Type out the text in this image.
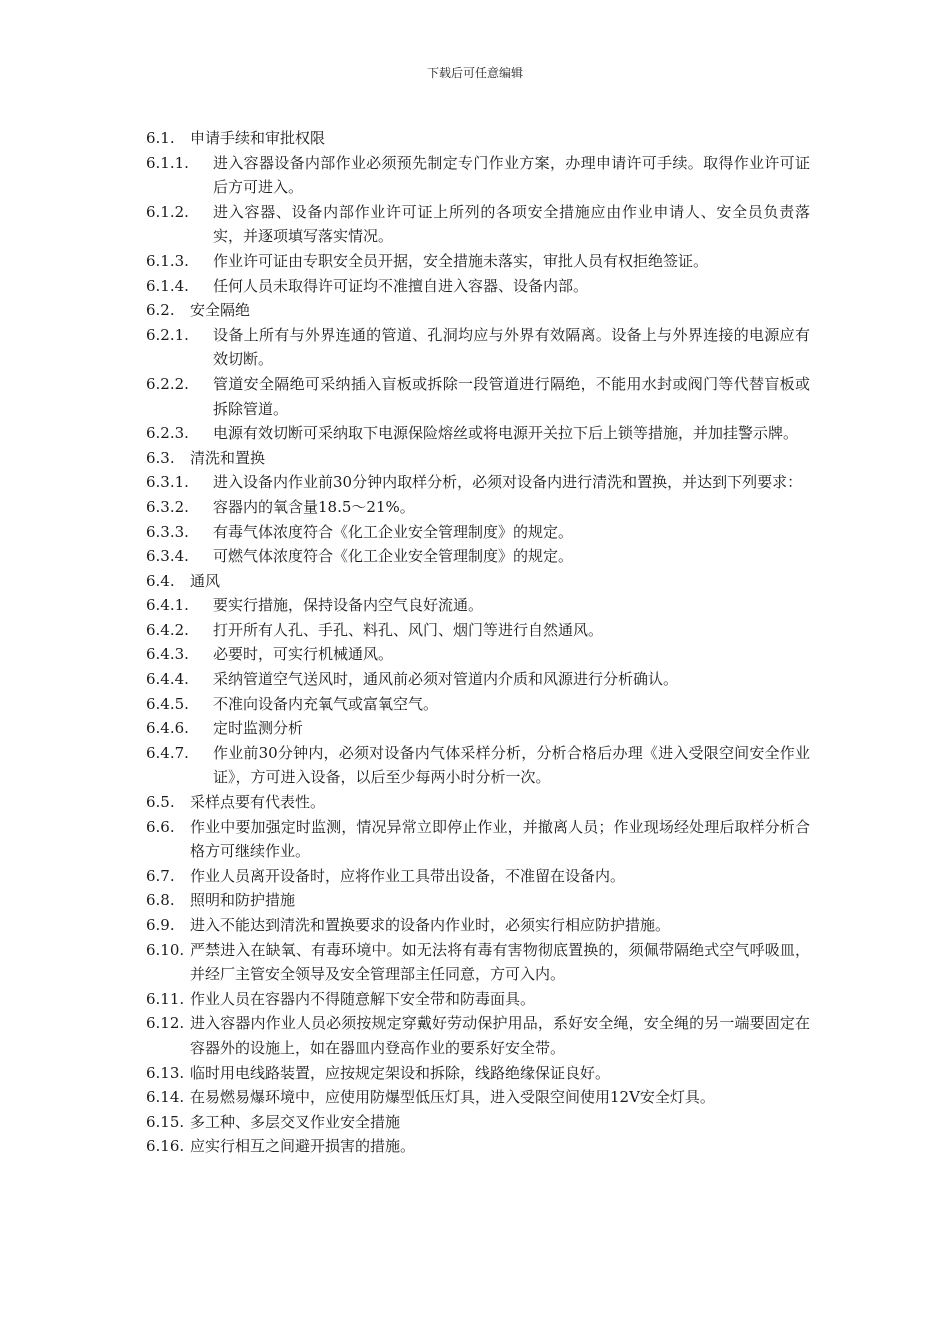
下载后可任意编辑
6.1.	申请手续和审批权限
6.1.1.	进入容器设备内部作业必须预先制定专门作业方案，办理申请许可手续。取得作业许可证后方可进入。
6.1.2.	进入容器、设备内部作业许可证上所列的各项安全措施应由作业申请人、安全员负责落实，并逐项填写落实情况。
6.1.3.	作业许可证由专职安全员开据，安全措施未落实，审批人员有权拒绝签证。
6.1.4.	任何人员未取得许可证均不准擅自进入容器、设备内部。
6.2.	安全隔绝
6.2.1.	设备上所有与外界连通的管道、孔洞均应与外界有效隔离。设备上与外界连接的电源应有效切断。
6.2.2.	管道安全隔绝可采纳插入盲板或拆除一段管道进行隔绝，不能用水封或阀门等代替盲板或拆除管道。
6.2.3.	电源有效切断可采纳取下电源保险熔丝或将电源开关拉下后上锁等措施，并加挂警示牌。
6.3.	清洗和置换
6.3.1.	进入设备内作业前30分钟内取样分析，必须对设备内进行清洗和置换，并达到下列要求：
6.3.2.	容器内的氧含量18.5～21%。
6.3.3.	有毒气体浓度符合《化工企业安全管理制度》的规定。
6.3.4.	可燃气体浓度符合《化工企业安全管理制度》的规定。
6.4.	通风
6.4.1.	要实行措施，保持设备内空气良好流通。
6.4.2.	打开所有人孔、手孔、料孔、风门、烟门等进行自然通风。
6.4.3.	必要时，可实行机械通风。
6.4.4.	采纳管道空气送风时，通风前必须对管道内介质和风源进行分析确认。
6.4.5.	不准向设备内充氧气或富氧空气。
6.4.6.	定时监测分析
6.4.7.	作业前30分钟内，必须对设备内气体采样分析，分析合格后办理《进入受限空间安全作业证》，方可进入设备，以后至少每两小时分析一次。
6.5.	采样点要有代表性。
6.6.	作业中要加强定时监测，情况异常立即停止作业，并撤离人员；作业现场经处理后取样分析合格方可继续作业。
6.7.	作业人员离开设备时，应将作业工具带出设备，不准留在设备内。
6.8.	照明和防护措施
6.9.	进入不能达到清洗和置换要求的设备内作业时，必须实行相应防护措施。
6.10. 严禁进入在缺氧、有毒环境中。如无法将有毒有害物彻底置换的，须佩带隔绝式空气呼吸皿，并经厂主管安全领导及安全管理部主任同意，方可入内。
6.11. 作业人员在容器内不得随意解下安全带和防毒面具。
6.12. 进入容器内作业人员必须按规定穿戴好劳动保护用品，系好安全绳，安全绳的另一端要固定在容器外的设施上，如在器皿内登高作业的要系好安全带。
6.13. 临时用电线路装置，应按规定架设和拆除，线路绝缘保证良好。
6.14. 在易燃易爆环境中，应使用防爆型低压灯具，进入受限空间使用12V安全灯具。
6.15. 多工种、多层交叉作业安全措施
6.16. 应实行相互之间避开损害的措施。
